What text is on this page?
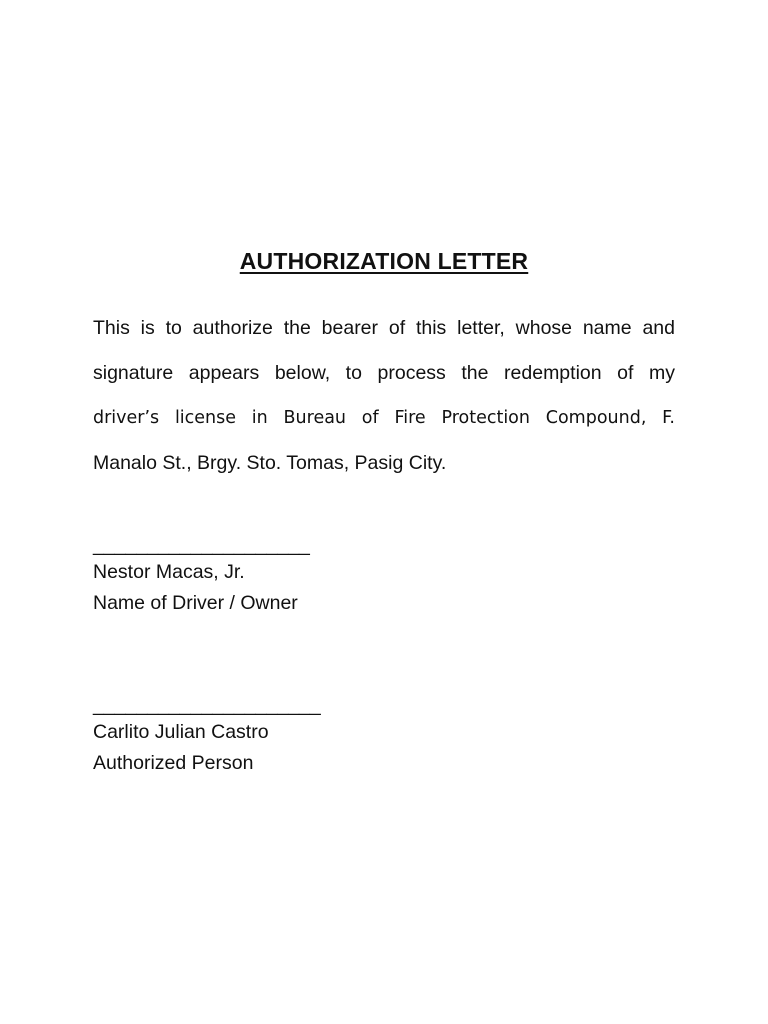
AUTHORIZATION LETTER
This is to authorize the bearer of this letter, whose name and
signature appears below, to process the redemption of my
driver’s license in Bureau of Fire Protection Compound, F.
Manalo St., Brgy. Sto. Tomas, Pasig City.
____________________
Nestor Macas, Jr.
Name of Driver / Owner
_____________________
Carlito Julian Castro
Authorized Person
